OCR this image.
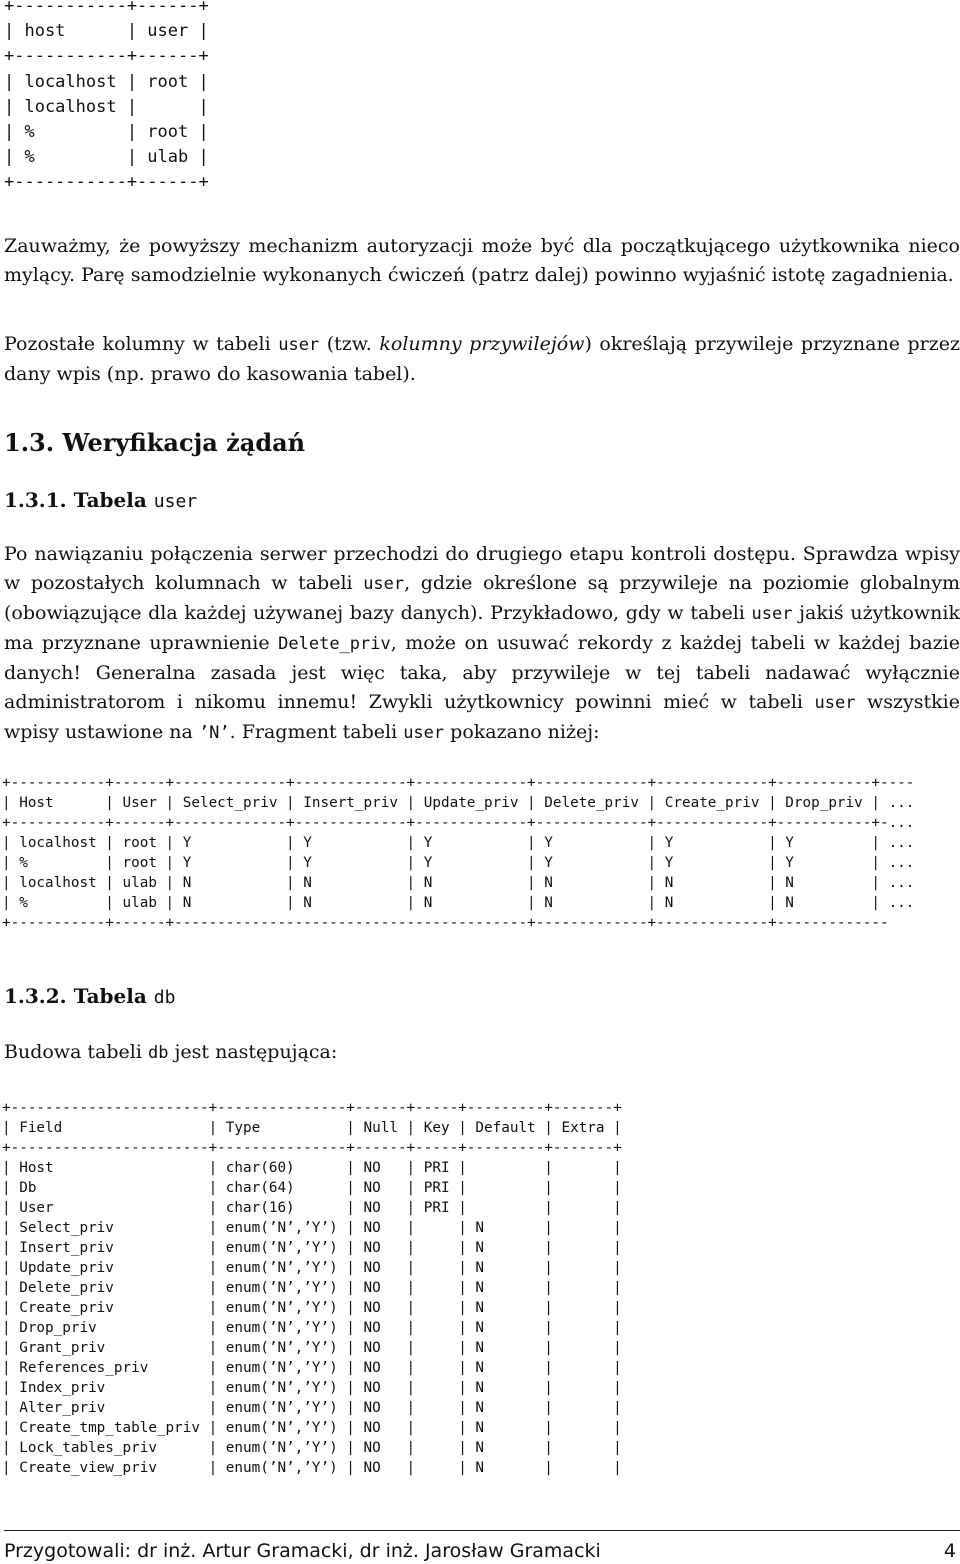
+-----------+------+
| host      | user |
+-----------+------+
| localhost | root |
| localhost |      |
| %         | root |
| %         | ulab |
+-----------+------+

Zauważmy, że powyższy mechanizm autoryzacji może być dla początkującego użytkownika nieco mylący. Parę samodzielnie wykonanych ćwiczeń (patrz dalej) powinno wyjaśnić istotę zagadnienia.

Pozostałe kolumny w tabeli user (tzw. kolumny przywilejów) określają przywileje przyznane przez dany wpis (np. prawo do kasowania tabel).

1.3. Weryfikacja żądań
1.3.1. Tabela user

Po nawiązaniu połączenia serwer przechodzi do drugiego etapu kontroli dostępu. Sprawdza wpisy w pozostałych kolumnach w tabeli user, gdzie określone są przywileje na poziomie globalnym (obowiązujące dla każdej używanej bazy danych). Przykładowo, gdy w tabeli user jakiś użytkownik ma przyznane uprawnienie Delete_priv, może on usuwać rekordy z każdej tabeli w każdej bazie danych! Generalna zasada jest więc taka, aby przywileje w tej tabeli nadawać wyłącznie administratorom i nikomu innemu! Zwykli użytkownicy powinni mieć w tabeli user wszystkie wpisy ustawione na ’N’. Fragment tabeli user pokazano niżej:

+-----------+------+-------------+-------------+-------------+-------------+-------------+-----------+----
| Host      | User | Select_priv | Insert_priv | Update_priv | Delete_priv | Create_priv | Drop_priv | ...
+-----------+------+-------------+-------------+-------------+-------------+-------------+-----------+-...
| localhost | root | Y           | Y           | Y           | Y           | Y           | Y         | ...
| %         | root | Y           | Y           | Y           | Y           | Y           | Y         | ...
| localhost | ulab | N           | N           | N           | N           | N           | N         | ...
| %         | ulab | N           | N           | N           | N           | N           | N         | ...
+-----------+------+-----------------------------------------+-------------+-------------+-------------
1.3.2. Tabela db

Budowa tabeli db jest następująca:

+-----------------------+---------------+------+-----+---------+-------+
| Field                 | Type          | Null | Key | Default | Extra |
+-----------------------+---------------+------+-----+---------+-------+
| Host                  | char(60)      | NO   | PRI |         |       |
| Db                    | char(64)      | NO   | PRI |         |       |
| User                  | char(16)      | NO   | PRI |         |       |
| Select_priv           | enum(’N’,’Y’) | NO   |     | N       |       |
| Insert_priv           | enum(’N’,’Y’) | NO   |     | N       |       |
| Update_priv           | enum(’N’,’Y’) | NO   |     | N       |       |
| Delete_priv           | enum(’N’,’Y’) | NO   |     | N       |       |
| Create_priv           | enum(’N’,’Y’) | NO   |     | N       |       |
| Drop_priv             | enum(’N’,’Y’) | NO   |     | N       |       |
| Grant_priv            | enum(’N’,’Y’) | NO   |     | N       |       |
| References_priv       | enum(’N’,’Y’) | NO   |     | N       |       |
| Index_priv            | enum(’N’,’Y’) | NO   |     | N       |       |
| Alter_priv            | enum(’N’,’Y’) | NO   |     | N       |       |
| Create_tmp_table_priv | enum(’N’,’Y’) | NO   |     | N       |       |
| Lock_tables_priv      | enum(’N’,’Y’) | NO   |     | N       |       |
| Create_view_priv      | enum(’N’,’Y’) | NO   |     | N       |       |
Przygotowali: dr inż. Artur Gramacki, dr inż. Jarosław Gramacki	4
